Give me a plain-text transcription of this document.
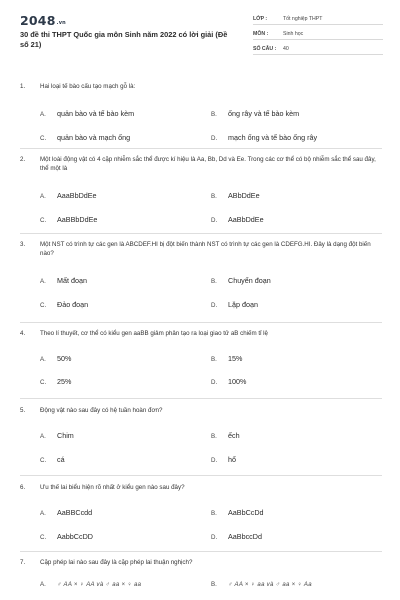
2048.vn
30 đề thi THPT Quốc gia môn Sinh năm 2022 có lời giải (Đề số 21)
LỚP :	Tốt nghiệp THPT
MÔN :	Sinh học
SỐ CÂU :	40
1.	Hai loại tế bào cấu tạo mạch gỗ là:
A.	quản bào và tế bào kèm	B.	ống rây và tế bào kèm
C.	quản bào và mạch ống	D.	mạch ống và tế bào ống rây
2.	Một loài động vật có 4 cặp nhiễm sắc thể được kí hiệu là Aa, Bb, Dd và Ee. Trong các cơ thể có bộ nhiễm sắc thể sau đây, thể một là
A.	AaaBbDdEe	B.	ABbDdEe
C.	AaBBbDdEe	D.	AaBbDdEe
3.	Một NST có trình tự các gen là ABCDEF.HI bị đột biến thành NST có trình tự các gen là CDEFG.HI. Đây là dạng đột biến nào?
A.	Mất đoạn	B.	Chuyển đoạn
C.	Đảo đoạn	D.	Lặp đoạn
4.	Theo lí thuyết, cơ thể có kiểu gen aaBB giảm phân tạo ra loại giao tử aB chiếm tỉ lệ
A.	50%	B.	15%
C.	25%	D.	100%
5.	Động vật nào sau đây có hệ tuần hoàn đơn?
A.	Chim	B.	ếch
C.	cá	D.	hổ
6.	Ưu thế lai biểu hiện rõ nhất ở kiểu gen nào sau đây?
A.	AaBBCcdd	B.	AaBbCcDd
C.	AabbCcDD	D.	AaBbccDd
7.	Cặp phép lai nào sau đây là cặp phép lai thuận nghịch?
A.	♂ AA × ♀ AA và ♂ aa × ♀ aa	B.	♂ AA × ♀ aa và ♂ aa × ♀ Aa
